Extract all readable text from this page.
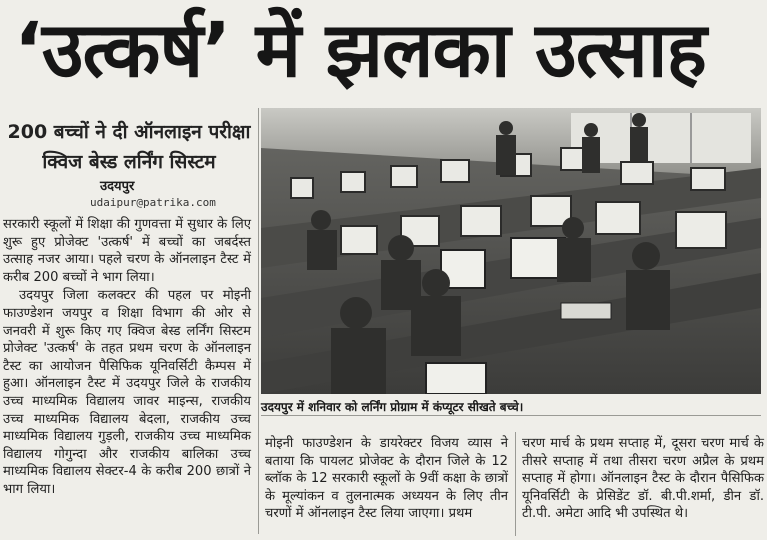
‘उत्कर्ष’ में झलका उत्साह
200 बच्चों ने दी ऑनलाइन परीक्षा
क्विज बेस्ड लर्निंग सिस्टम
उदयपुर
udaipur@patrika.com

सरकारी स्कूलों में शिक्षा की गुणवत्ता में सुधार के लिए शुरू हुए प्रोजेक्ट 'उत्कर्ष' में बच्चों का जबर्दस्त उत्साह नजर आया। पहले चरण के ऑनलाइन टैस्ट में करीब 200 बच्चों ने भाग लिया।

उदयपुर जिला कलक्टर की पहल पर मोइनी फाउण्डेशन जयपुर व शिक्षा विभाग की ओर से जनवरी में शुरू किए गए क्विज बेस्ड लर्निंग सिस्टम प्रोजेक्ट 'उत्कर्ष' के तहत प्रथम चरण के ऑनलाइन टैस्ट का आयोजन पैसिफिक यूनिवर्सिटी कैम्पस में हुआ। ऑनलाइन टैस्ट में उदयपुर जिले के राजकीय उच्च माध्यमिक विद्यालय जावर माइन्स, राजकीय उच्च माध्यमिक विद्यालय बेदला, राजकीय उच्च माध्यमिक विद्यालय गुड़ली, राजकीय उच्च माध्यमिक विद्यालय गोगुन्दा और राजकीय बालिका उच्च माध्यमिक विद्यालय सेक्टर-4 के करीब 200 छात्रों ने भाग लिया।

उदयपुर में शनिवार को लर्निंग प्रोग्राम में कंप्यूटर सीखते बच्चे।

मोइनी फाउण्डेशन के डायरेक्टर विजय व्यास ने बताया कि पायलट प्रोजेक्ट के दौरान जिले के 12 ब्लॉक के 12 सरकारी स्कूलों के 9वीं कक्षा के छात्रों के मूल्यांकन व तुलनात्मक अध्ययन के लिए तीन चरणों में ऑनलाइन टैस्ट लिया जाएगा। प्रथम

चरण मार्च के प्रथम सप्ताह में, दूसरा चरण मार्च के तीसरे सप्ताह में तथा तीसरा चरण अप्रैल के प्रथम सप्ताह में होगा। ऑनलाइन टैस्ट के दौरान पैसिफिक यूनिवर्सिटी के प्रेसिडेंट डॉ. बी.पी.शर्मा, डीन डॉ. टी.पी. अमेटा आदि भी उपस्थित थे।
